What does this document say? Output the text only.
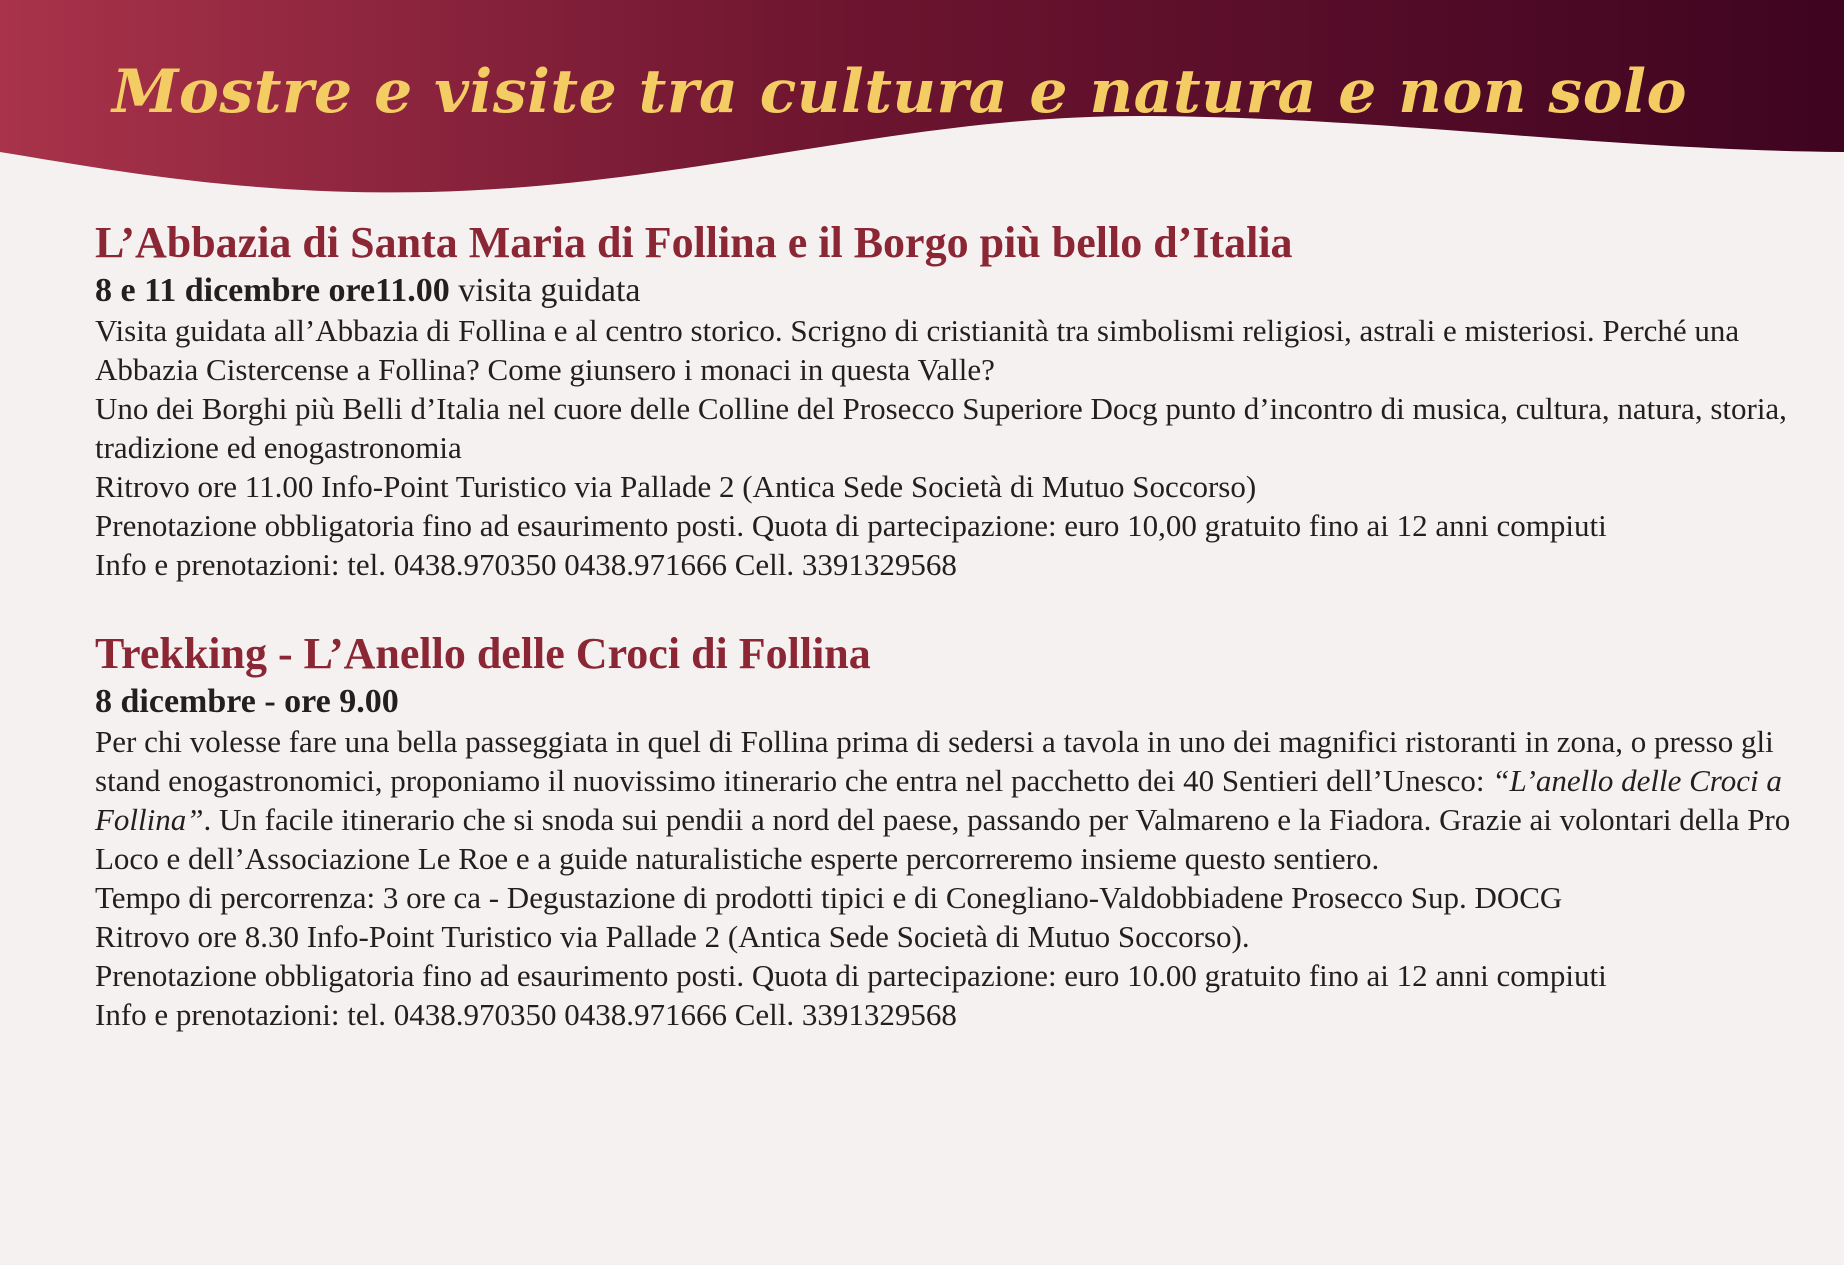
Mostre e visite tra cultura e natura e non solo
L’Abbazia di Santa Maria di Follina e il Borgo più bello d’Italia

8 e 11 dicembre ore11.00 visita guidata

Visita guidata all’Abbazia di Follina e al centro storico. Scrigno di cristianità tra simbolismi religiosi, astrali e misteriosi. Perché una Abbazia Cistercense a Follina? Come giunsero i monaci in questa Valle?

Uno dei Borghi più Belli d’Italia nel cuore delle Colline del Prosecco Superiore Docg punto d’incontro di musica, cultura, natura, storia, tradizione ed enogastronomia

Ritrovo ore 11.00 Info-Point Turistico via Pallade 2 (Antica Sede Società di Mutuo Soccorso)

Prenotazione obbligatoria fino ad esaurimento posti. Quota di partecipazione: euro 10,00 gratuito fino ai 12 anni compiuti

Info e prenotazioni: tel. 0438.970350 0438.971666 Cell. 3391329568

Trekking - L’Anello delle Croci di Follina

8 dicembre - ore 9.00

Per chi volesse fare una bella passeggiata in quel di Follina prima di sedersi a tavola in uno dei magnifici ristoranti in zona, o presso gli stand enogastronomici, proponiamo il nuovissimo itinerario che entra nel pacchetto dei 40 Sentieri dell’Unesco: “L’anello delle Croci a Follina”. Un facile itinerario che si snoda sui pendii a nord del paese, passando per Valmareno e la Fiadora. Grazie ai volontari della Pro Loco e dell’Associazione Le Roe e a guide naturalistiche esperte percorreremo insieme questo sentiero.

Tempo di percorrenza: 3 ore ca - Degustazione di prodotti tipici e di Conegliano-Valdobbiadene Prosecco Sup. DOCG

Ritrovo ore 8.30 Info-Point Turistico via Pallade 2 (Antica Sede Società di Mutuo Soccorso).

Prenotazione obbligatoria fino ad esaurimento posti. Quota di partecipazione: euro 10.00 gratuito fino ai 12 anni compiuti

Info e prenotazioni: tel. 0438.970350 0438.971666 Cell. 3391329568
